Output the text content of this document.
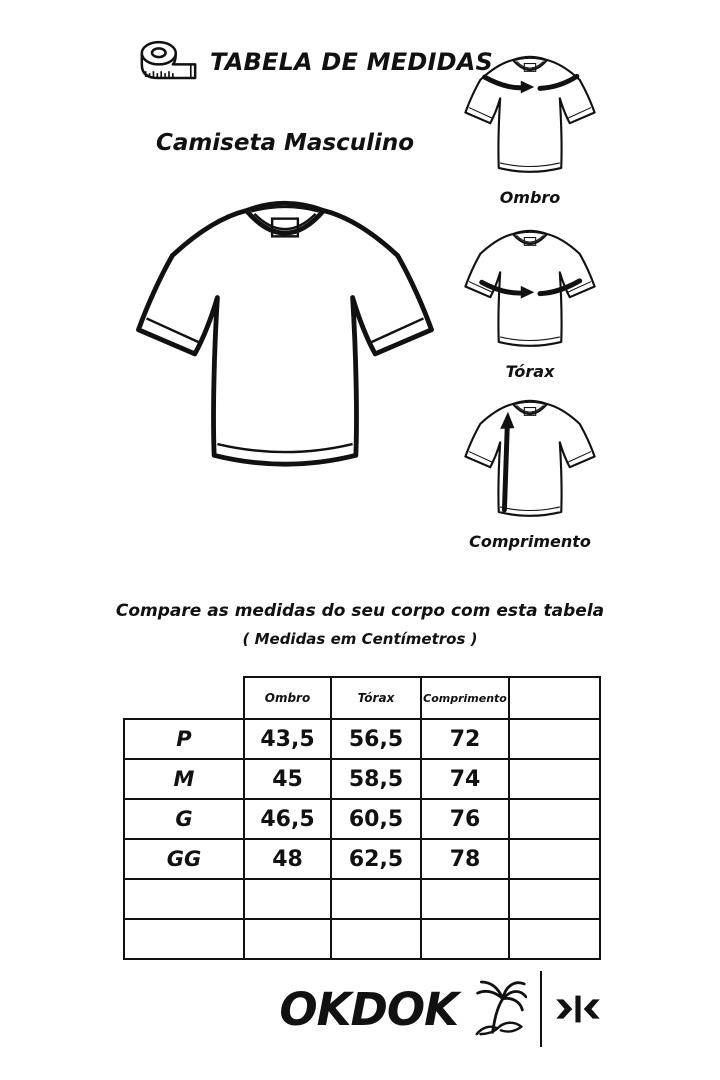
TABELA DE MEDIDAS
Camiseta Masculino
Ombro
Tórax
Comprimento
Compare as medidas do seu corpo com esta tabela
( Medidas em Centímetros )
	Ombro	Tórax	Comprimento	
P	43,5	56,5	72	
M	45	58,5	74	
G	46,5	60,5	76	
GG	48	62,5	78	

OKDOK
